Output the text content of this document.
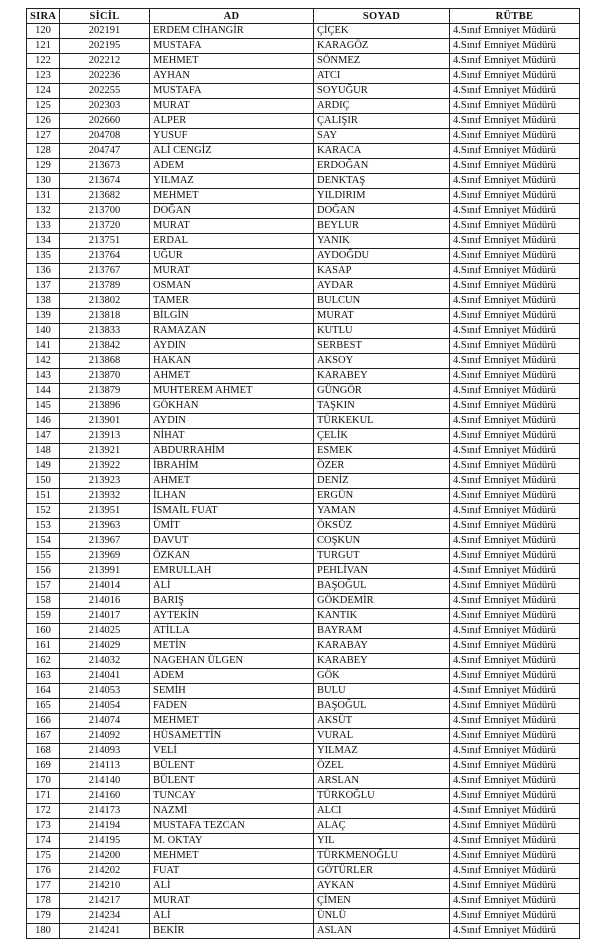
SIRA	SİCİL	AD	SOYAD	RÜTBE
120	202191	ERDEM CİHANGİR	ÇİÇEK	4.Sınıf Emniyet Müdürü
121	202195	MUSTAFA	KARAGÖZ	4.Sınıf Emniyet Müdürü
122	202212	MEHMET	SÖNMEZ	4.Sınıf Emniyet Müdürü
123	202236	AYHAN	ATCI	4.Sınıf Emniyet Müdürü
124	202255	MUSTAFA	SOYUĞUR	4.Sınıf Emniyet Müdürü
125	202303	MURAT	ARDIÇ	4.Sınıf Emniyet Müdürü
126	202660	ALPER	ÇALIŞIR	4.Sınıf Emniyet Müdürü
127	204708	YUSUF	SAY	4.Sınıf Emniyet Müdürü
128	204747	ALİ CENGİZ	KARACA	4.Sınıf Emniyet Müdürü
129	213673	ADEM	ERDOĞAN	4.Sınıf Emniyet Müdürü
130	213674	YILMAZ	DENKTAŞ	4.Sınıf Emniyet Müdürü
131	213682	MEHMET	YILDIRIM	4.Sınıf Emniyet Müdürü
132	213700	DOĞAN	DOĞAN	4.Sınıf Emniyet Müdürü
133	213720	MURAT	BEYLUR	4.Sınıf Emniyet Müdürü
134	213751	ERDAL	YANIK	4.Sınıf Emniyet Müdürü
135	213764	UĞUR	AYDOĞDU	4.Sınıf Emniyet Müdürü
136	213767	MURAT	KASAP	4.Sınıf Emniyet Müdürü
137	213789	OSMAN	AYDAR	4.Sınıf Emniyet Müdürü
138	213802	TAMER	BULCUN	4.Sınıf Emniyet Müdürü
139	213818	BİLGİN	MURAT	4.Sınıf Emniyet Müdürü
140	213833	RAMAZAN	KUTLU	4.Sınıf Emniyet Müdürü
141	213842	AYDIN	SERBEST	4.Sınıf Emniyet Müdürü
142	213868	HAKAN	AKSOY	4.Sınıf Emniyet Müdürü
143	213870	AHMET	KARABEY	4.Sınıf Emniyet Müdürü
144	213879	MUHTEREM AHMET	GÜNGÖR	4.Sınıf Emniyet Müdürü
145	213896	GÖKHAN	TAŞKIN	4.Sınıf Emniyet Müdürü
146	213901	AYDIN	TÜRKEKUL	4.Sınıf Emniyet Müdürü
147	213913	NİHAT	ÇELİK	4.Sınıf Emniyet Müdürü
148	213921	ABDURRAHİM	ESMEK	4.Sınıf Emniyet Müdürü
149	213922	İBRAHİM	ÖZER	4.Sınıf Emniyet Müdürü
150	213923	AHMET	DENİZ	4.Sınıf Emniyet Müdürü
151	213932	İLHAN	ERGÜN	4.Sınıf Emniyet Müdürü
152	213951	İSMAİL FUAT	YAMAN	4.Sınıf Emniyet Müdürü
153	213963	ÜMİT	ÖKSÜZ	4.Sınıf Emniyet Müdürü
154	213967	DAVUT	COŞKUN	4.Sınıf Emniyet Müdürü
155	213969	ÖZKAN	TURGUT	4.Sınıf Emniyet Müdürü
156	213991	EMRULLAH	PEHLİVAN	4.Sınıf Emniyet Müdürü
157	214014	ALİ	BAŞOĞUL	4.Sınıf Emniyet Müdürü
158	214016	BARIŞ	GÖKDEMİR	4.Sınıf Emniyet Müdürü
159	214017	AYTEKİN	KANTIK	4.Sınıf Emniyet Müdürü
160	214025	ATİLLA	BAYRAM	4.Sınıf Emniyet Müdürü
161	214029	METİN	KARABAY	4.Sınıf Emniyet Müdürü
162	214032	NAGEHAN ÜLGEN	KARABEY	4.Sınıf Emniyet Müdürü
163	214041	ADEM	GÖK	4.Sınıf Emniyet Müdürü
164	214053	SEMİH	BULU	4.Sınıf Emniyet Müdürü
165	214054	FADEN	BAŞOĞUL	4.Sınıf Emniyet Müdürü
166	214074	MEHMET	AKSÜT	4.Sınıf Emniyet Müdürü
167	214092	HÜSAMETTİN	VURAL	4.Sınıf Emniyet Müdürü
168	214093	VELİ	YILMAZ	4.Sınıf Emniyet Müdürü
169	214113	BÜLENT	ÖZEL	4.Sınıf Emniyet Müdürü
170	214140	BÜLENT	ARSLAN	4.Sınıf Emniyet Müdürü
171	214160	TUNCAY	TÜRKOĞLU	4.Sınıf Emniyet Müdürü
172	214173	NAZMİ	ALCI	4.Sınıf Emniyet Müdürü
173	214194	MUSTAFA TEZCAN	ALAÇ	4.Sınıf Emniyet Müdürü
174	214195	M. OKTAY	YIL	4.Sınıf Emniyet Müdürü
175	214200	MEHMET	TÜRKMENOĞLU	4.Sınıf Emniyet Müdürü
176	214202	FUAT	GÖTÜRLER	4.Sınıf Emniyet Müdürü
177	214210	ALİ	AYKAN	4.Sınıf Emniyet Müdürü
178	214217	MURAT	ÇİMEN	4.Sınıf Emniyet Müdürü
179	214234	ALİ	ÜNLÜ	4.Sınıf Emniyet Müdürü
180	214241	BEKİR	ASLAN	4.Sınıf Emniyet Müdürü
